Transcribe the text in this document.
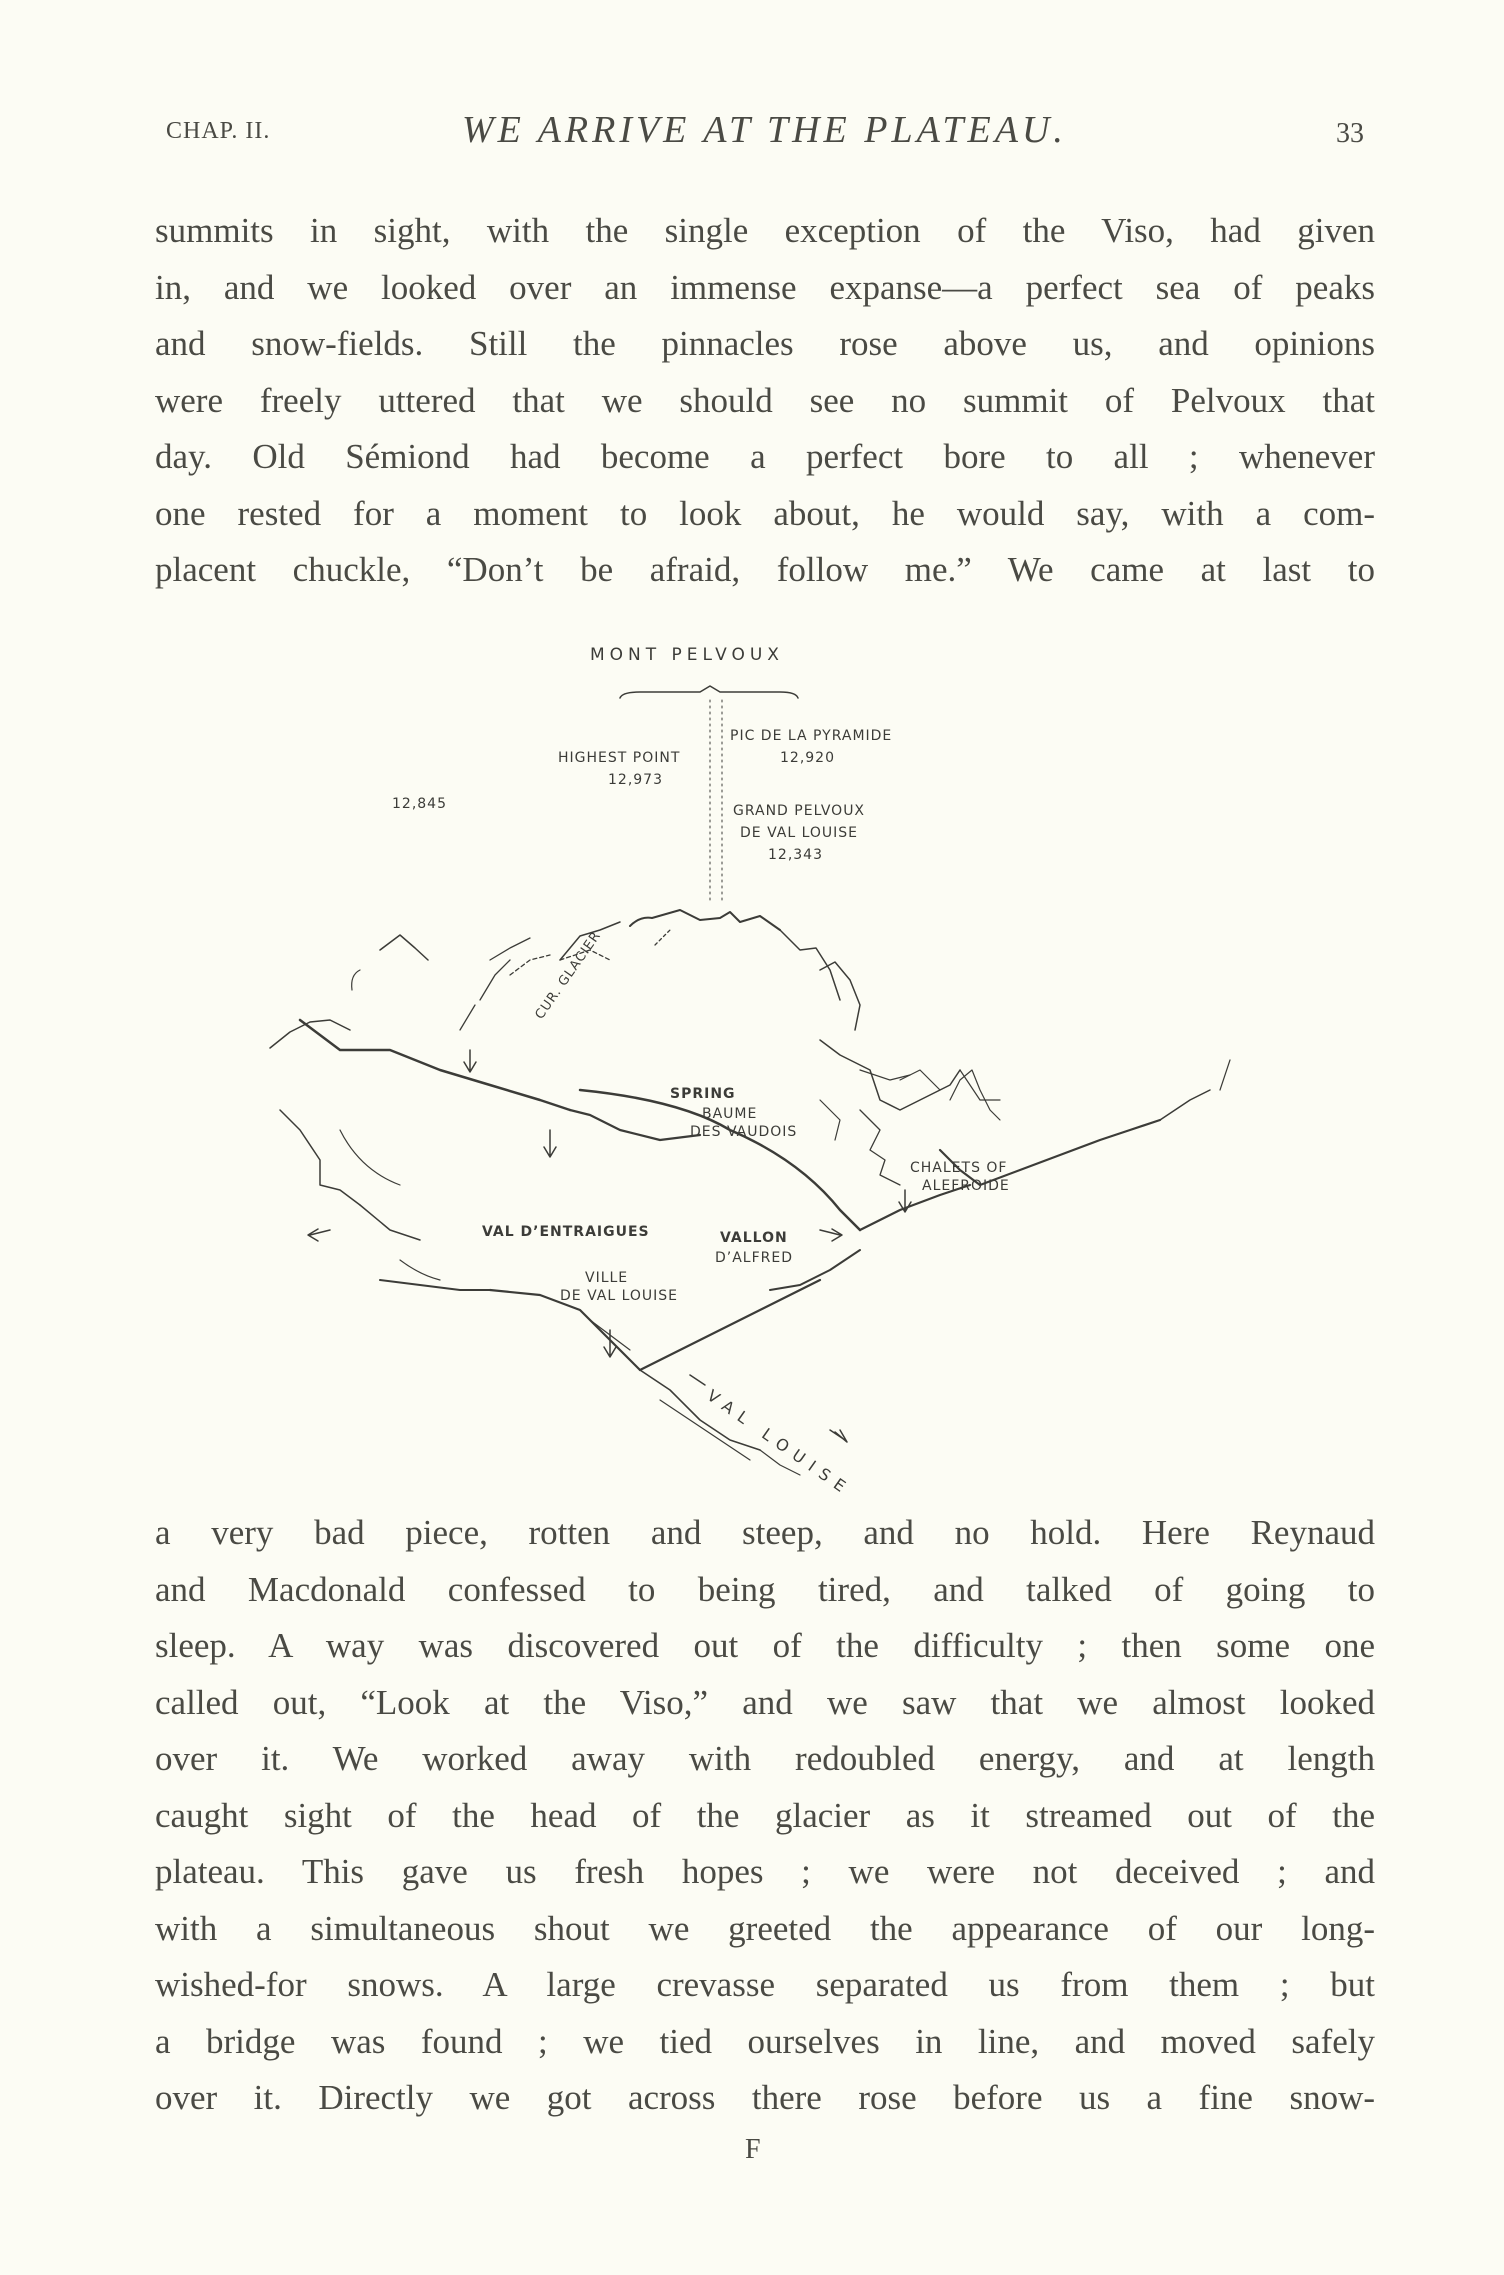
CHAP. II.	WE ARRIVE AT THE PLATEAU.	33
summits in sight, with the single exception of the Viso, had given
in, and we looked over an immense expanse—a perfect sea of peaks
and snow-fields. Still the pinnacles rose above us, and opinions
were freely uttered that we should see no summit of Pelvoux that
day. Old Sémiond had become a perfect bore to all ; whenever
one rested for a moment to look about, he would say, with a com-
placent chuckle, “Don’t be afraid, follow me.” We came at last to
MONT PELVOUX
PIC DE LA PYRAMIDE
12,920
HIGHEST POINT
12,973
12,845	GRAND PELVOUX
DE VAL LOUISE
12,343
CUR. GLACIER
SPRING
BAUME
DES VAUDOIS
CHALETS OF
ALEFROIDE
VAL D’ENTRAIGUES	VALLON
D’ALFRED
VILLE
DE VAL LOUISE
VAL LOUISE
a very bad piece, rotten and steep, and no hold. Here Reynaud
and Macdonald confessed to being tired, and talked of going to
sleep. A way was discovered out of the difficulty ; then some one
called out, “Look at the Viso,” and we saw that we almost looked
over it. We worked away with redoubled energy, and at length
caught sight of the head of the glacier as it streamed out of the
plateau. This gave us fresh hopes ; we were not deceived ; and
with a simultaneous shout we greeted the appearance of our long-
wished-for snows. A large crevasse separated us from them ; but
a bridge was found ; we tied ourselves in line, and moved safely
over it. Directly we got across there rose before us a fine snow-
F
